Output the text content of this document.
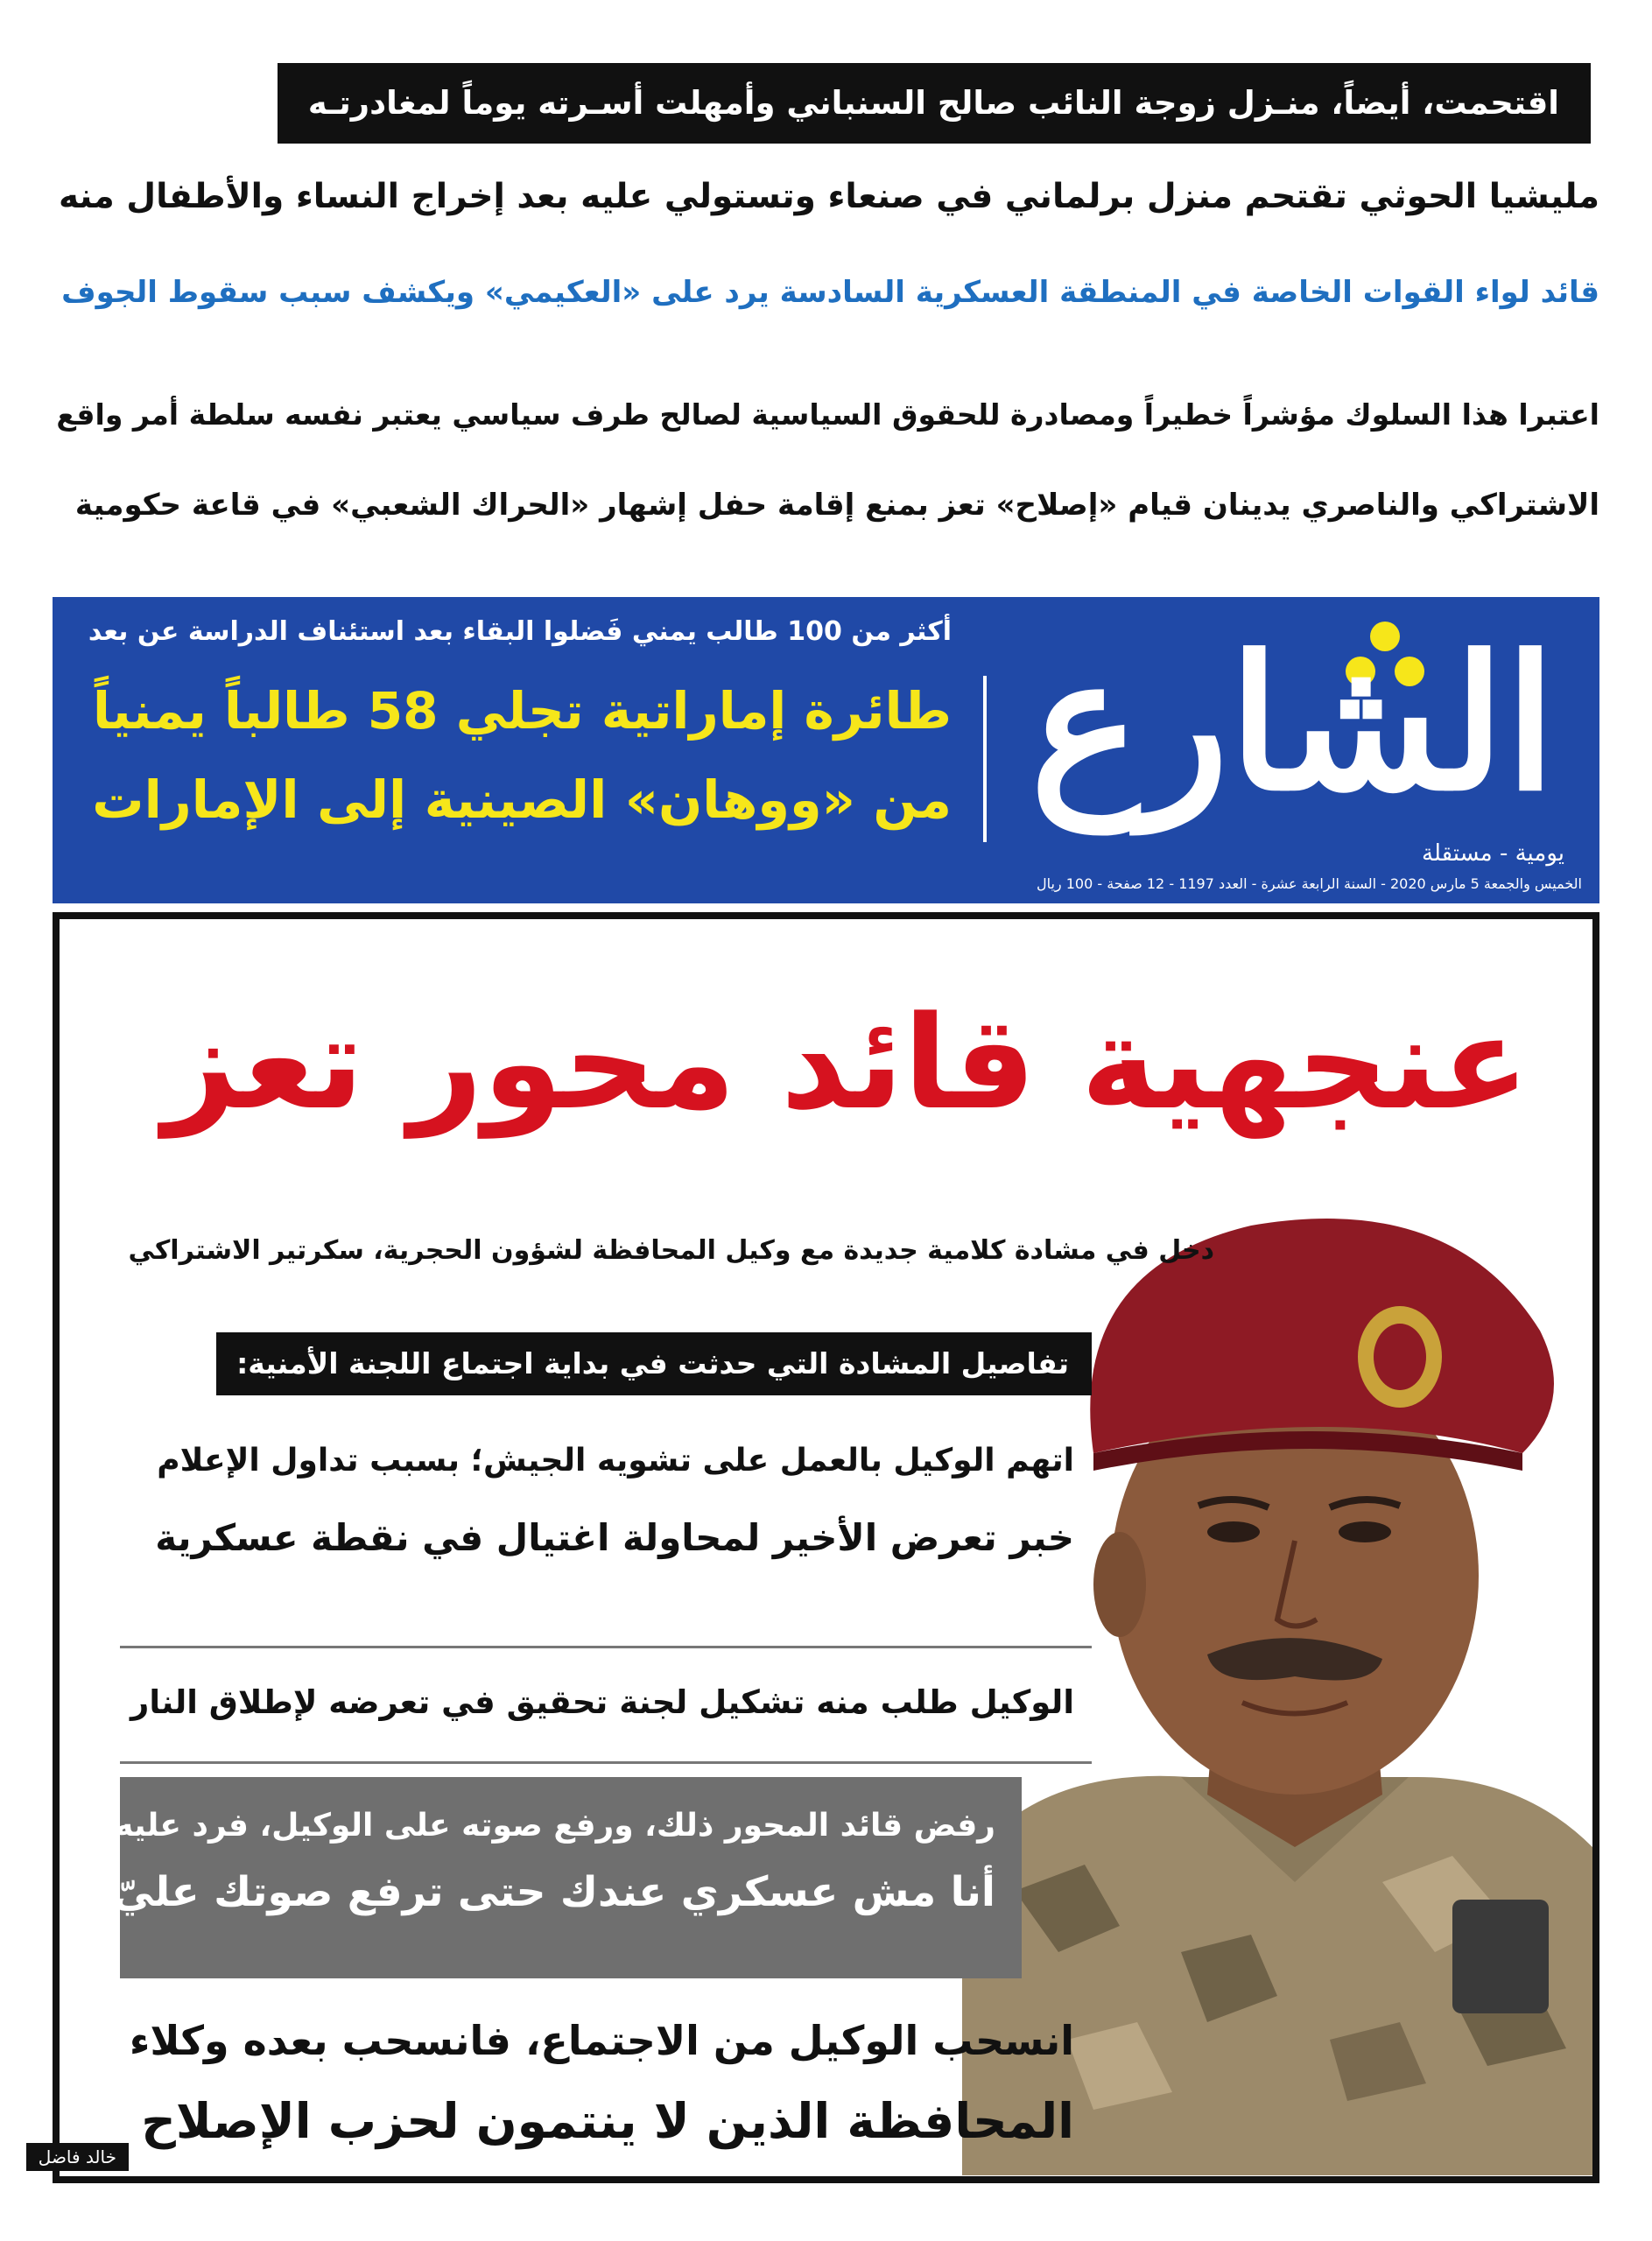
اقتحمت، أيضاً، منـزل زوجة النائب صالح السنباني وأمهلت أسـرته يوماً لمغادرتـه
مليشيا الحوثي تقتحم منزل برلماني في صنعاء وتستولي عليه بعد إخراج النساء والأطفال منه
قائد لواء القوات الخاصة في المنطقة العسكرية السادسة يرد على «العكيمي» ويكشف سبب سقوط الجوف
اعتبرا هذا السلوك مؤشراً خطيراً ومصادرة للحقوق السياسية لصالح طرف سياسي يعتبر نفسه سلطة أمر واقع
الاشتراكي والناصري يدينان قيام «إصلاح» تعز بمنع إقامة حفل إشهار «الحراك الشعبي» في قاعة حكومية
الشارع
يومية - مستقلة
الخميس والجمعة 5 مارس 2020 - السنة الرابعة عشرة - العدد 1197 - 12 صفحة - 100 ريال
أكثر من 100 طالب يمني فَضلوا البقاء بعد استئناف الدراسة عن بعد
طائرة إماراتية تجلي 58 طالباً يمنياً
من «ووهان» الصينية إلى الإمارات
عنجهية قائد محور تعز
دخل في مشادة كلامية جديدة مع وكيل المحافظة لشؤون الحجرية، سكرتير الاشتراكي
تفاصيل المشادة التي حدثت في بداية اجتماع اللجنة الأمنية:
اتهم الوكيل بالعمل على تشويه الجيش؛ بسبب تداول الإعلام
خبر تعرض الأخير لمحاولة اغتيال في نقطة عسكرية
الوكيل طلب منه تشكيل لجنة تحقيق في تعرضه لإطلاق النار
رفض قائد المحور ذلك، ورفع صوته على الوكيل، فرد عليه:
أنا مش عسكري عندك حتى ترفع صوتك عليّ!
انسحب الوكيل من الاجتماع، فانسحب بعده وكلاء
المحافظة الذين لا ينتمون لحزب الإصلاح
خالد فاضل
